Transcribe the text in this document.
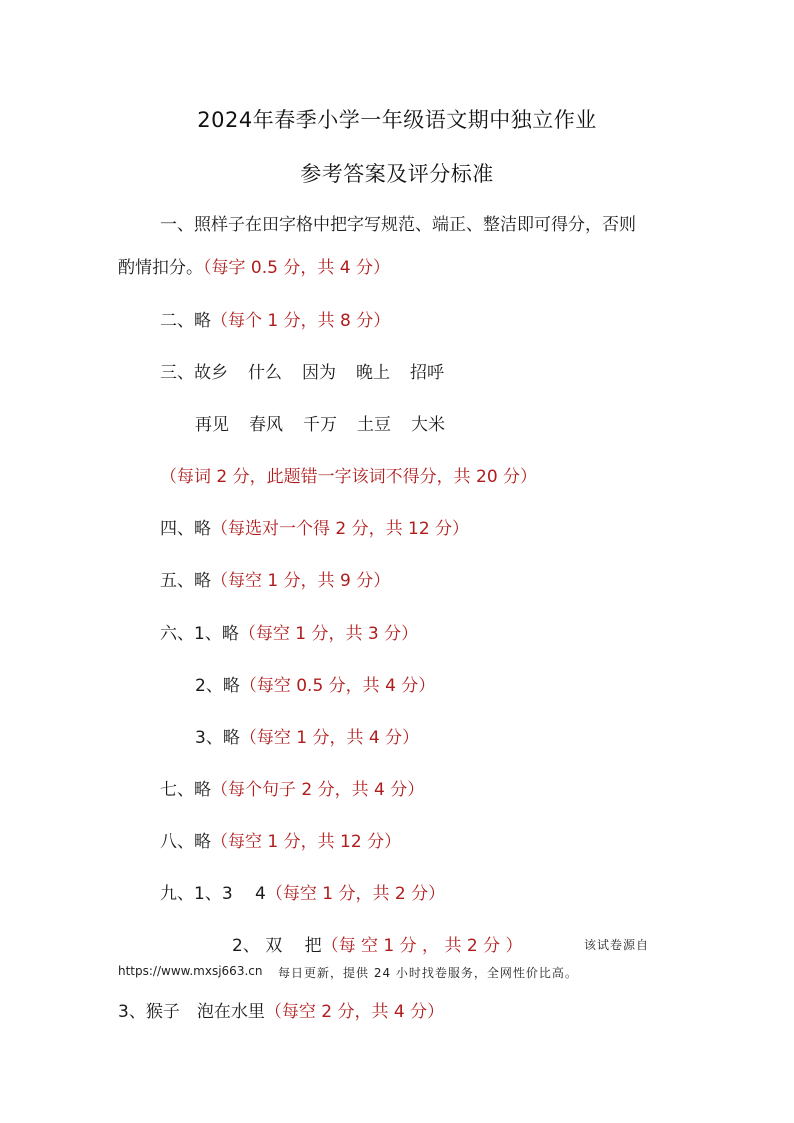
2024年春季小学一年级语文期中独立作业
参考答案及评分标准
一、照样子在田字格中把字写规范、端正、整洁即可得分，否则
酌情扣分。（每字 0.5 分，共 4 分）
二、略（每个 1 分，共 8 分）
三、故乡 什么 因为 晚上 招呼
再见 春风 千万 土豆 大米
（每词 2 分，此题错一字该词不得分，共 20 分）
四、略（每选对一个得 2 分，共 12 分）
五、略（每空 1 分，共 9 分）
六、1、略（每空 1 分，共 3 分）
2、略（每空 0.5 分，共 4 分）
3、略（每空 1 分，共 4 分）
七、略（每个句子 2 分，共 4 分）
八、略（每空 1 分，共 12 分）
九、1、3　 4（每空 1 分，共 2 分）
2、 双　 把（每 空 1 分 ， 共 2 分 ）	该试卷源自
https://www.mxsj663.cn 每日更新，提供 24 小时找卷服务，全网性价比高。
3、猴子　泡在水里（每空 2 分，共 4 分）
